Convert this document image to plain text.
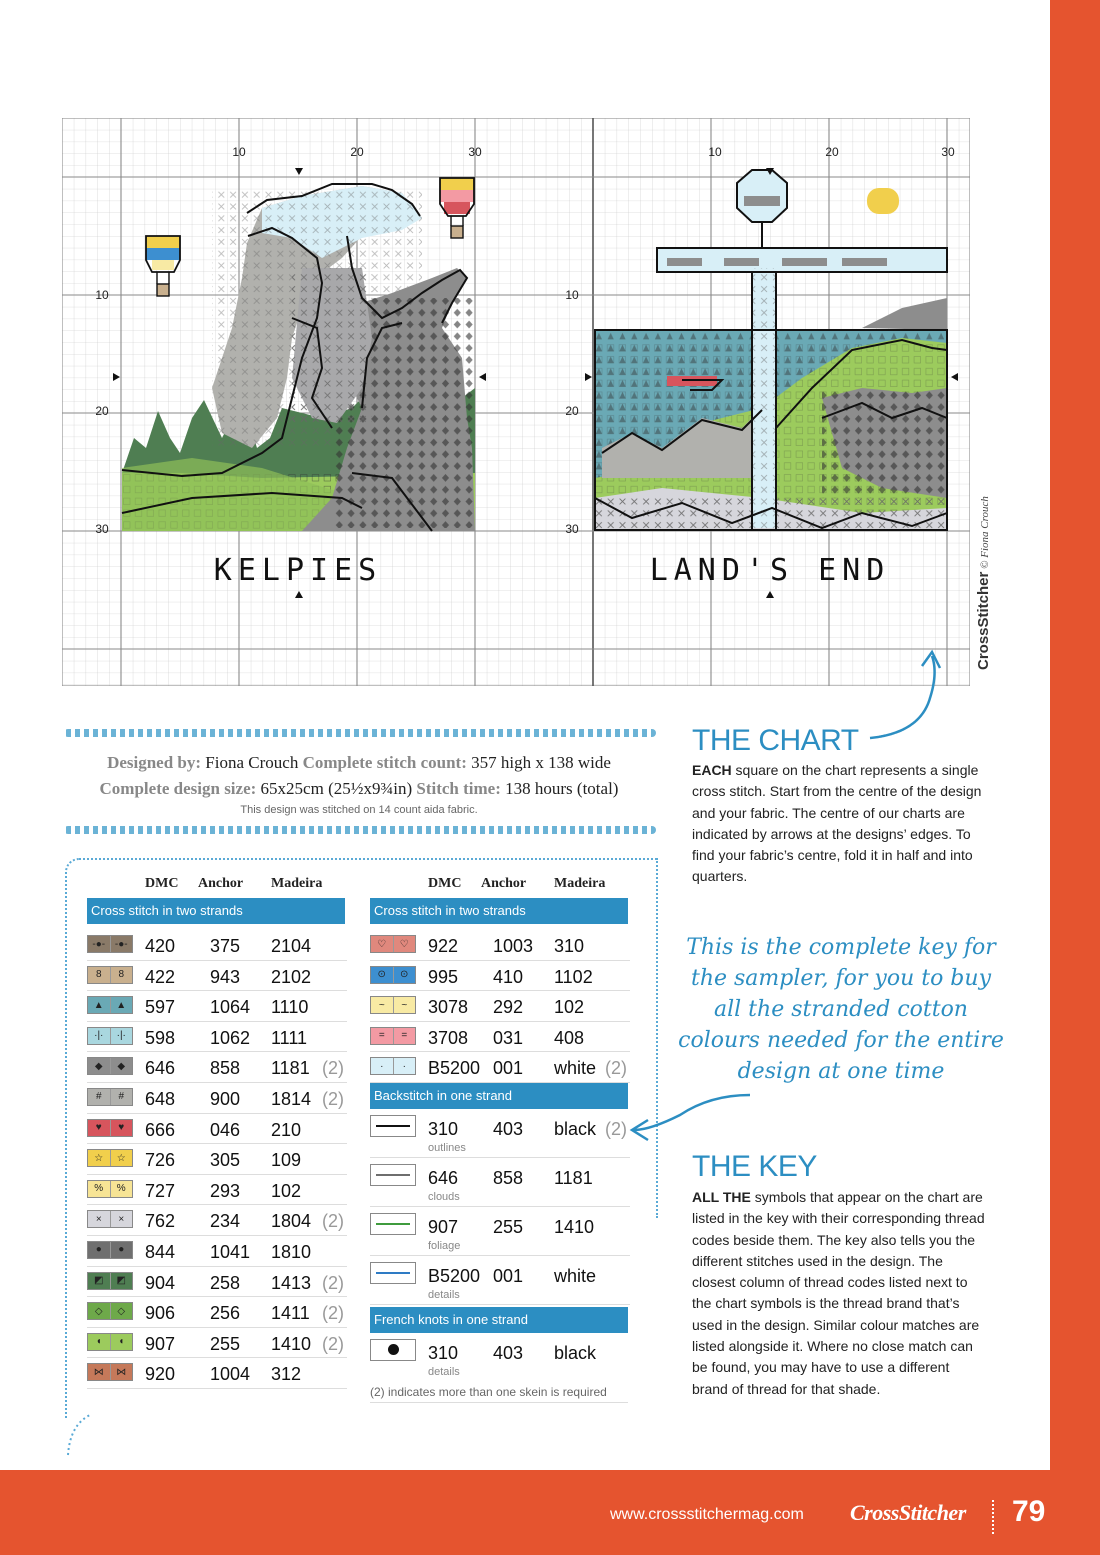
STITCH-A-LONG
KELPIES	LAND'S END
10	20	30
10
20
30
10	20	30
10
20
30
CrossStitcher © Fiona Crouch
Designed by: Fiona Crouch Complete stitch count: 357 high x 138 wide
Complete design size: 65x25cm (25½x9¾in) Stitch time: 138 hours (total)
This design was stitched on 14 count aida fabric.
DMC Anchor Madeira
Cross stitch in two strands
-●- -●- 420 375 2104
8	8	422 943 2102
▲	▲	597 1064 1110
·|·	·|·	598 1062 1111
◆	◆	646 858 1181 (2)
#	#	648 900 1814 (2)
♥	♥	666 046 210
☆	☆	726 305 109
%	%	727 293 102
×	×	762 234 1804 (2)
●	●	844 1041 1810
◩	◩	904 258 1413 (2)
◇	◇	906 256 1411 (2)
◖	◖	907 255 1410 (2)
⋈	⋈	920 1004 312
DMC Anchor Madeira
Cross stitch in two strands
♡	♡	922 1003 310
⊙	⊙	995 410 1102
~	~	3078 292 102
=	=	3708 031 408
·	·	B5200 001 white (2)
Backstitch in one strand
310 403 black (2)
outlines
646 858 1181
clouds
907 255 1410
foliage
B5200 001 white
details
French knots in one strand
310 403 black
details
(2) indicates more than one skein is required
THE CHART
EACH square on the chart represents a single cross stitch. Start from the centre of the design and your fabric. The centre of our charts are indicated by arrows at the designs’ edges. To find your fabric’s centre, fold it in half and into quarters.
This is the complete key for the sampler, for you to buy all the stranded cotton colours needed for the entire design at one time
THE KEY
ALL THE symbols that appear on the chart are listed in the key with their corresponding thread codes beside them. The key also tells you the different stitches used in the design. The closest column of thread codes listed next to the chart symbols is the thread brand that’s used in the design. Similar colour matches are listed alongside it. Where no close match can be found, you may have to use a different brand of thread for that shade.
www.crossstitchermag.com CrossStitcher 79
